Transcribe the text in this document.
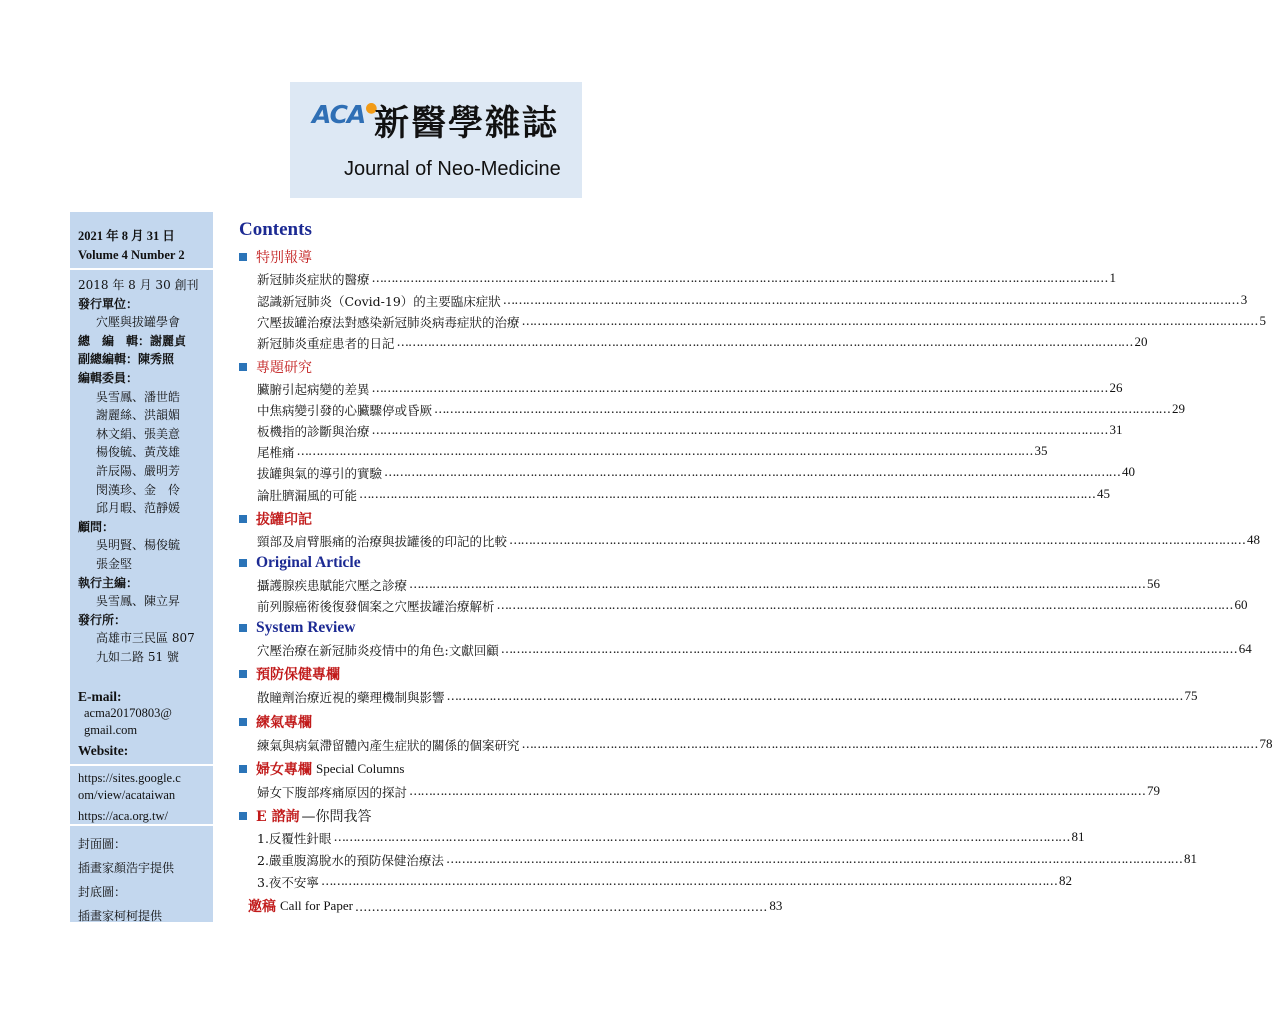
ACA●
新醫學雜誌
Journal of Neo-Medicine
2021 年 8 月 31 日
Volume 4 Number 2
2018 年 8 月 30 創刊
發行單位：
穴壓與拔罐學會
總　編　輯：謝麗貞
副總編輯：陳秀照
編輯委員：
吳雪鳳、潘世皓
謝麗絲、洪韻媚
林文絹、張美意
楊俊毓、黃茂雄
許辰陽、嚴明芳
閔漢珍、金　伶
邱月暇、范靜媛
顧問：
吳明賢、楊俊毓
張金堅
執行主編：
吳雪鳳、陳立昇
發行所：
高雄市三民區 807
九如二路 51 號
E-mail:
acma20170803@
gmail.com
Website:
https://sites.google.c
om/view/acataiwan
https://aca.org.tw/
封面圖：
插畫家顏浩宇提供
封底圖：
插畫家柯柯提供
Contents
特別報導
新冠肺炎症狀的醫療 …………………………………………………………………………………………………………………………………………………………………………	1
認識新冠肺炎（Covid-19）的主要臨床症狀 …………………………………………………………………………………………………………………………………………………………………………	3
穴壓拔罐治療法對感染新冠肺炎病毒症狀的治療 …………………………………………………………………………………………………………………………………………………………………………	5
新冠肺炎重症患者的日記 …………………………………………………………………………………………………………………………………………………………………………	20
專題研究
臟腑引起病變的差異 …………………………………………………………………………………………………………………………………………………………………………	26
中焦病變引發的心臟驟停或昏厥 …………………………………………………………………………………………………………………………………………………………………………	29
板機指的診斷與治療 …………………………………………………………………………………………………………………………………………………………………………	31
尾椎痛 …………………………………………………………………………………………………………………………………………………………………………	35
拔罐與氣的導引的實驗 …………………………………………………………………………………………………………………………………………………………………………	40
論肚臍漏風的可能 …………………………………………………………………………………………………………………………………………………………………………	45
拔罐印記
頸部及肩臂脹痛的治療與拔罐後的印記的比較 …………………………………………………………………………………………………………………………………………………………………………	48
Original Article
攝護腺疾患賦能穴壓之診療 …………………………………………………………………………………………………………………………………………………………………………	56
前列腺癌術後復發個案之穴壓拔罐治療解析 …………………………………………………………………………………………………………………………………………………………………………	60
System Review
穴壓治療在新冠肺炎疫情中的角色:文獻回顧 …………………………………………………………………………………………………………………………………………………………………………	64
預防保健專欄
散瞳劑治療近視的藥理機制與影響 …………………………………………………………………………………………………………………………………………………………………………	75
練氣專欄
練氣與病氣滯留體內產生症狀的關係的個案研究 …………………………………………………………………………………………………………………………………………………………………………	78
婦女專欄 Special Columns
婦女下腹部疼痛原因的探討 …………………………………………………………………………………………………………………………………………………………………………	79
E 諮詢 —你問我答
1.反覆性針眼 …………………………………………………………………………………………………………………………………………………………………………	81
2.嚴重腹瀉脫水的預防保健治療法 …………………………………………………………………………………………………………………………………………………………………………	81
3.夜不安寧 …………………………………………………………………………………………………………………………………………………………………………	82
邀稿 Call for Paper ……………………………………………………………………………………… 83
